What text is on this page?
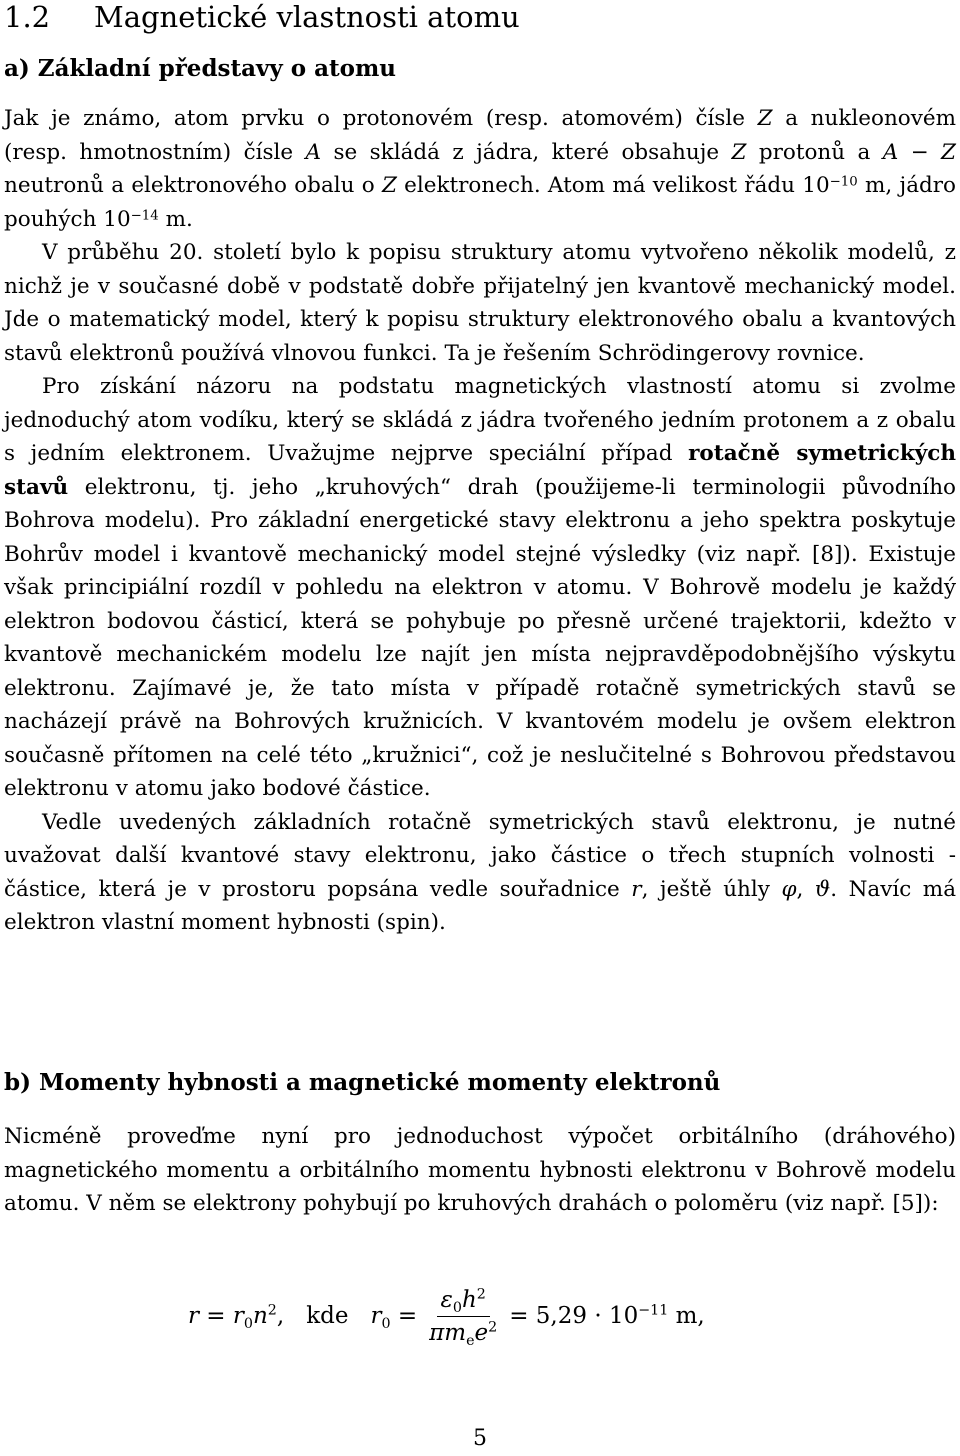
1.2 Magnetické vlastnosti atomu
a) Základní představy o atomu

Jak je známo, atom prvku o protonovém (resp. atomovém) čísle Z a nukleonovém (resp. hmotnostním) čísle A se skládá z jádra, které obsahuje Z protonů a A − Z neutronů a elektronového obalu o Z elektronech. Atom má velikost řádu $10^{-10}$ m, jádro pouhých $10^{-14}$ m.

V průběhu 20. století bylo k popisu struktury atomu vytvořeno několik modelů, z nichž je v současné době v podstatě dobře přijatelný jen kvantově mechanický model. Jde o matematický model, který k popisu struktury elektronového obalu a kvantových stavů elektronů používá vlnovou funkci. Ta je řešením Schrödingerovy rovnice.

Pro získání názoru na podstatu magnetických vlastností atomu si zvolme jednoduchý atom vodíku, který se skládá z jádra tvořeného jedním protonem a z obalu s jedním elektronem. Uvažujme nejprve speciální případ rotačně symetrických stavů elektronu, tj. jeho „kruhových“ drah (použijeme-li terminologii původního Bohrova modelu). Pro základní energetické stavy elektronu a jeho spektra poskytuje Bohrův model i kvantově mechanický model stejné výsledky (viz např. [8]). Existuje však principiální rozdíl v pohledu na elektron v atomu. V Bohrově modelu je každý elektron bodovou částicí, která se pohybuje po přesně určené trajektorii, kdežto v kvantově mechanickém modelu lze najít jen místa nejpravděpodobnějšího výskytu elektronu. Zajímavé je, že tato místa v případě rotačně symetrických stavů se nacházejí právě na Bohrových kružnicích. V kvantovém modelu je ovšem elektron současně přítomen na celé této „kružnici“, což je neslučitelné s Bohrovou představou elektronu v atomu jako bodové částice.

Vedle uvedených základních rotačně symetrických stavů elektronu, je nutné uvažovat další kvantové stavy elektronu, jako částice o třech stupních volnosti - částice, která je v prostoru popsána vedle souřadnice r, ještě úhly φ, ϑ. Navíc má elektron vlastní moment hybnosti (spin).

b) Momenty hybnosti a magnetické momenty elektronů

Nicméně proveďme nyní pro jednoduchost výpočet orbitálního (dráhového) magnetického momentu a orbitálního momentu hybnosti elektronu v Bohrově modelu atomu. V něm se elektrony pohybují po kruhových drahách o poloměru (viz např. [5]):

$r = r_0n^2$, kde $r_0 = \frac{\varepsilon_0h^2}{\pi m_ee^2} = 5,29 \cdot 10^{-11}$ m,
5
